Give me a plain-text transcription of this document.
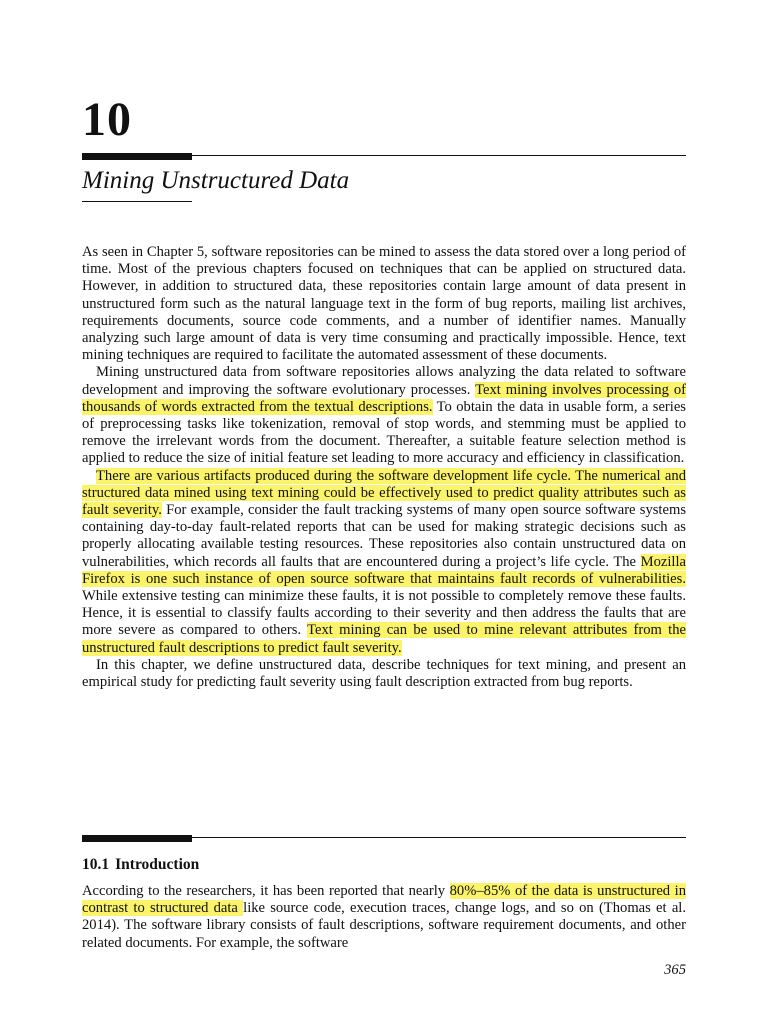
10
Mining Unstructured Data

As seen in Chapter 5, software repositories can be mined to assess the data stored over a long period of time. Most of the previous chapters focused on techniques that can be applied on structured data. However, in addition to structured data, these repositories contain large amount of data present in unstructured form such as the natural language text in the form of bug reports, mailing list archives, requirements documents, source code comments, and a number of identifier names. Manually analyzing such large amount of data is very time consuming and practically impossible. Hence, text mining techniques are required to facilitate the automated assessment of these documents.

Mining unstructured data from software repositories allows analyzing the data related to software development and improving the software evolutionary processes. Text mining involves processing of thousands of words extracted from the textual descriptions. To obtain the data in usable form, a series of preprocessing tasks like tokenization, removal of stop words, and stemming must be applied to remove the irrelevant words from the document. Thereafter, a suitable feature selection method is applied to reduce the size of initial feature set leading to more accuracy and efficiency in classification.

There are various artifacts produced during the software development life cycle. The numerical and structured data mined using text mining could be effectively used to predict quality attributes such as fault severity. For example, consider the fault tracking systems of many open source software systems containing day-to-day fault-related reports that can be used for making strategic decisions such as properly allocating available testing resources. These repositories also contain unstructured data on vulnerabilities, which records all faults that are encountered during a project’s life cycle. The Mozilla Firefox is one such instance of open source software that maintains fault records of vulnerabilities. While extensive testing can minimize these faults, it is not possible to completely remove these faults. Hence, it is essential to classify faults according to their severity and then address the faults that are more severe as compared to others. Text mining can be used to mine relevant attributes from the unstructured fault descriptions to predict fault severity.

In this chapter, we define unstructured data, describe techniques for text mining, and present an empirical study for predicting fault severity using fault description extracted from bug reports.

10.1 Introduction

According to the researchers, it has been reported that nearly 80%–85% of the data is unstructured in contrast to structured data like source code, execution traces, change logs, and so on (Thomas et al. 2014). The software library consists of fault descriptions, software requirement documents, and other related documents. For example, the software

365
